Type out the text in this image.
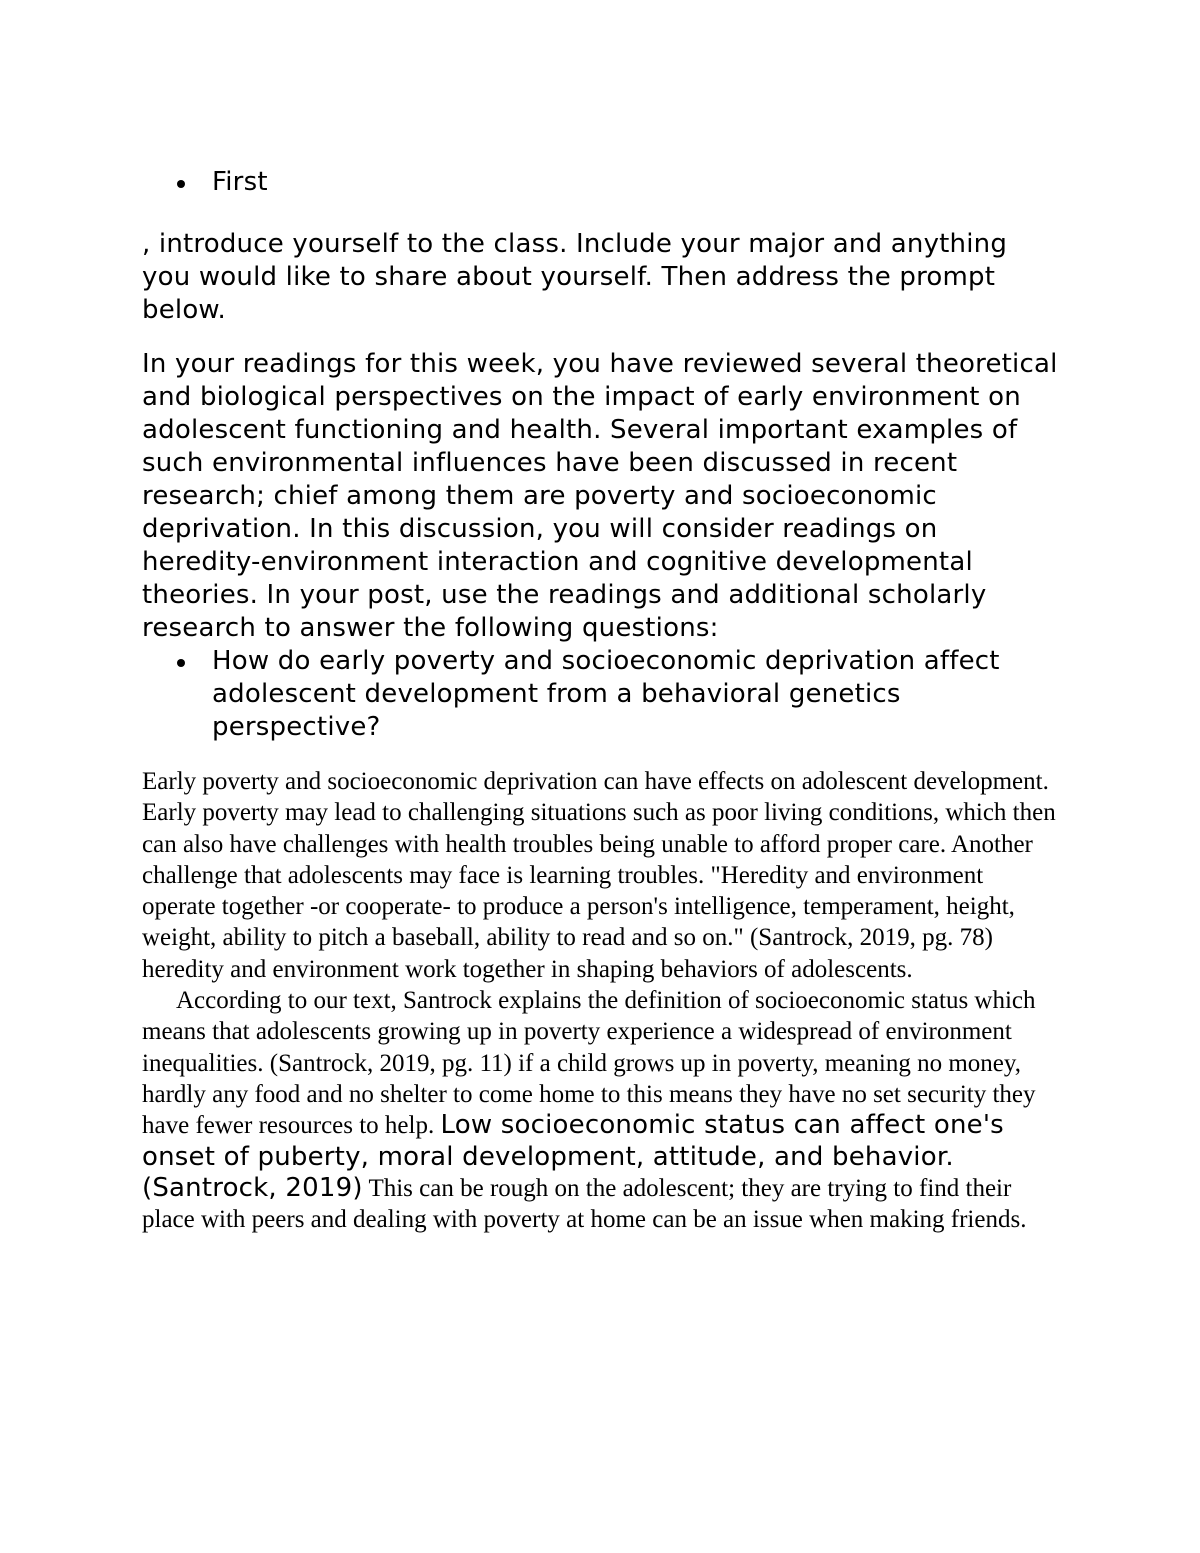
First

, introduce yourself to the class. Include your major and anything you would like to share about yourself. Then address the prompt below.

In your readings for this week, you have reviewed several theoretical and biological perspectives on the impact of early environment on adolescent functioning and health. Several important examples of such environmental influences have been discussed in recent research; chief among them are poverty and socioeconomic deprivation. In this discussion, you will consider readings on heredity-environment interaction and cognitive developmental theories. In your post, use the readings and additional scholarly research to answer the following questions:

How do early poverty and socioeconomic deprivation affect adolescent development from a behavioral genetics perspective?

Early poverty and socioeconomic deprivation can have effects on adolescent development. Early poverty may lead to challenging situations such as poor living conditions, which then can also have challenges with health troubles being unable to afford proper care. Another challenge that adolescents may face is learning troubles. "Heredity and environment operate together -or cooperate- to produce a person's intelligence, temperament, height, weight, ability to pitch a baseball, ability to read and so on." (Santrock, 2019, pg. 78) heredity and environment work together in shaping behaviors of adolescents.

According to our text, Santrock explains the definition of socioeconomic status which means that adolescents growing up in poverty experience a widespread of environment inequalities. (Santrock, 2019, pg. 11) if a child grows up in poverty, meaning no money, hardly any food and no shelter to come home to this means they have no set security they have fewer resources to help. Low socioeconomic status can affect one's onset of puberty, moral development, attitude, and behavior. (Santrock, 2019) This can be rough on the adolescent; they are trying to find their place with peers and dealing with poverty at home can be an issue when making friends.
